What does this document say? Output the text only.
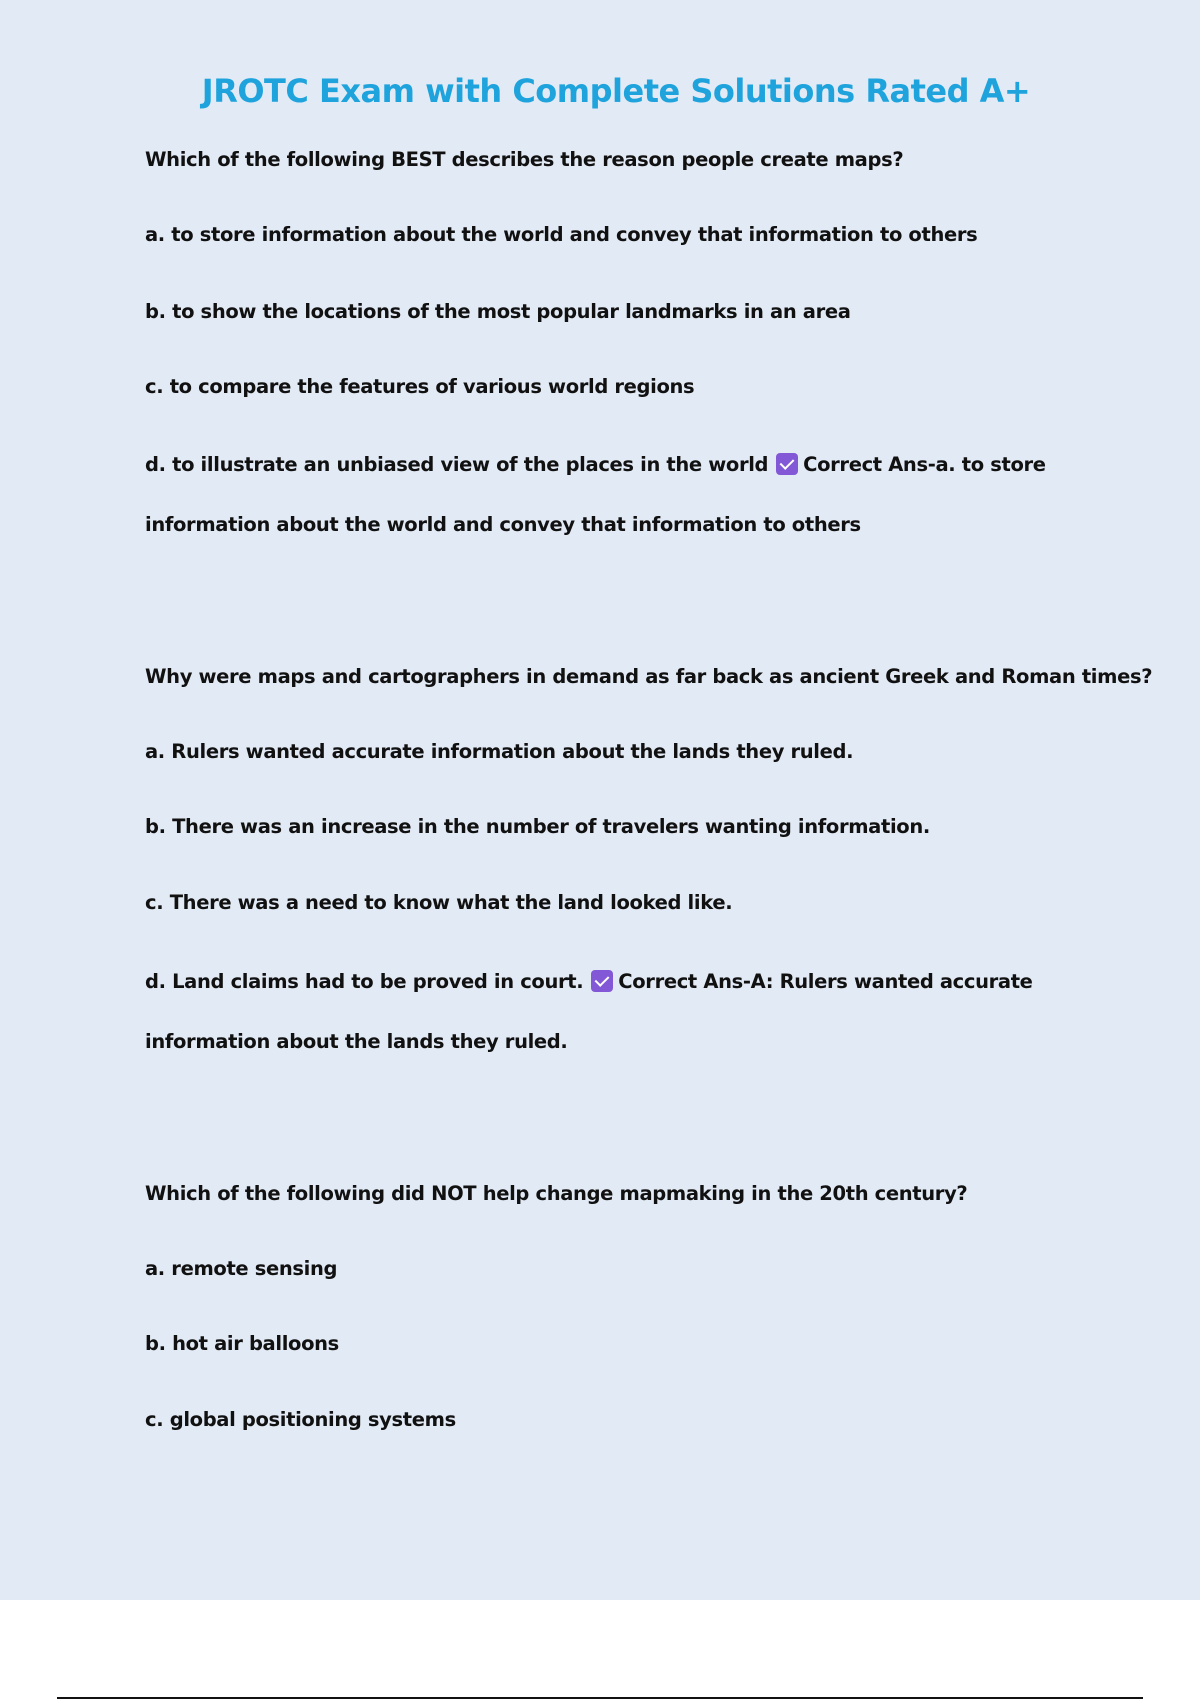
JROTC Exam with Complete Solutions Rated A+
Which of the following BEST describes the reason people create maps?
a. to store information about the world and convey that information to others
b. to show the locations of the most popular landmarks in an area
c. to compare the features of various world regions
d. to illustrate an unbiased view of the places in the world Correct Ans-a. to store
information about the world and convey that information to others
Why were maps and cartographers in demand as far back as ancient Greek and Roman times?
a. Rulers wanted accurate information about the lands they ruled.
b. There was an increase in the number of travelers wanting information.
c. There was a need to know what the land looked like.
d. Land claims had to be proved in court. Correct Ans-A: Rulers wanted accurate
information about the lands they ruled.
Which of the following did NOT help change mapmaking in the 20th century?
a. remote sensing
b. hot air balloons
c. global positioning systems
